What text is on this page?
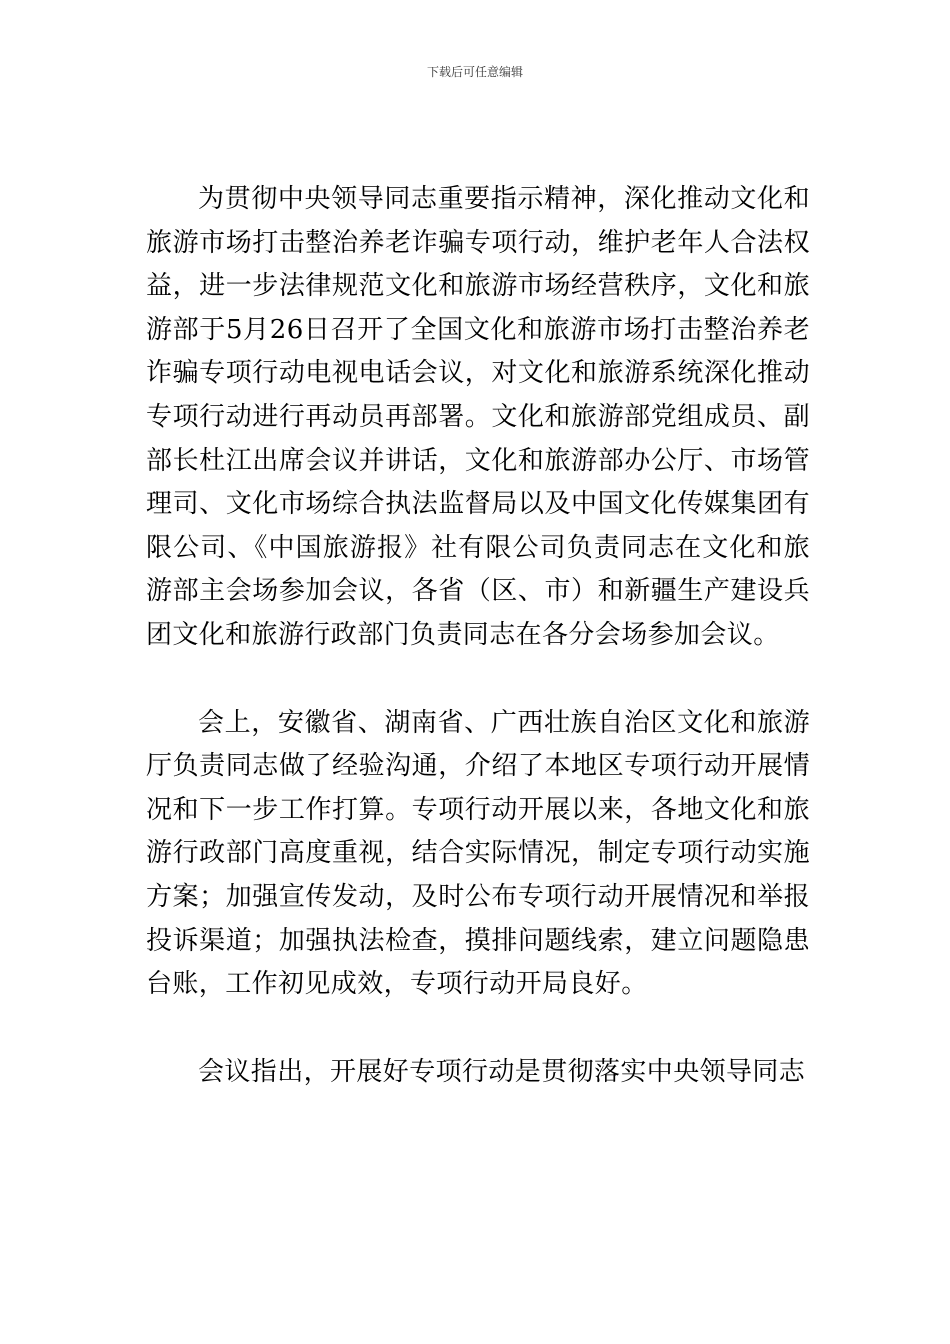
下载后可任意编辑

为贯彻中央领导同志重要指示精神，深化推动文化和旅游市场打击整治养老诈骗专项行动，维护老年人合法权益，进一步法律规范文化和旅游市场经营秩序，文化和旅游部于5月26日召开了全国文化和旅游市场打击整治养老诈骗专项行动电视电话会议，对文化和旅游系统深化推动专项行动进行再动员再部署。文化和旅游部党组成员、副部长杜江出席会议并讲话，文化和旅游部办公厅、市场管理司、文化市场综合执法监督局以及中国文化传媒集团有限公司、《中国旅游报》社有限公司负责同志在文化和旅游部主会场参加会议，各省（区、市）和新疆生产建设兵团文化和旅游行政部门负责同志在各分会场参加会议。

会上，安徽省、湖南省、广西壮族自治区文化和旅游厅负责同志做了经验沟通，介绍了本地区专项行动开展情况和下一步工作打算。专项行动开展以来，各地文化和旅游行政部门高度重视，结合实际情况，制定专项行动实施方案；加强宣传发动，及时公布专项行动开展情况和举报投诉渠道；加强执法检查，摸排问题线索，建立问题隐患台账，工作初见成效，专项行动开局良好。

会议指出，开展好专项行动是贯彻落实中央领导同志
